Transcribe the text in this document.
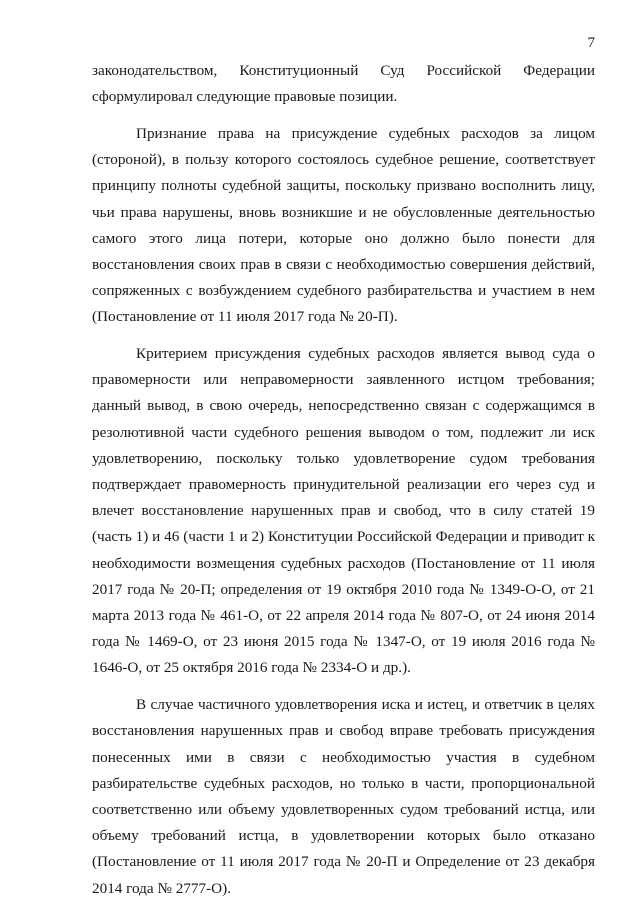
7

законодательством, Конституционный Суд Российской Федерации сформулировал следующие правовые позиции.

Признание права на присуждение судебных расходов за лицом (стороной), в пользу которого состоялось судебное решение, соответствует принципу полноты судебной защиты, поскольку призвано восполнить лицу, чьи права нарушены, вновь возникшие и не обусловленные деятельностью самого этого лица потери, которые оно должно было понести для восстановления своих прав в связи с необходимостью совершения действий, сопряженных с возбуждением судебного разбирательства и участием в нем (Постановление от 11 июля 2017 года № 20-П).

Критерием присуждения судебных расходов является вывод суда о правомерности или неправомерности заявленного истцом требования; данный вывод, в свою очередь, непосредственно связан с содержащимся в резолютивной части судебного решения выводом о том, подлежит ли иск удовлетворению, поскольку только удовлетворение судом требования подтверждает правомерность принудительной реализации его через суд и влечет восстановление нарушенных прав и свобод, что в силу статей 19 (часть 1) и 46 (части 1 и 2) Конституции Российской Федерации и приводит к необходимости возмещения судебных расходов (Постановление от 11 июля 2017 года № 20-П; определения от 19 октября 2010 года № 1349-О-О, от 21 марта 2013 года № 461-О, от 22 апреля 2014 года № 807-О, от 24 июня 2014 года № 1469-О, от 23 июня 2015 года № 1347-О, от 19 июля 2016 года № 1646-О, от 25 октября 2016 года № 2334-О и др.).

В случае частичного удовлетворения иска и истец, и ответчик в целях восстановления нарушенных прав и свобод вправе требовать присуждения понесенных ими в связи с необходимостью участия в судебном разбирательстве судебных расходов, но только в части, пропорциональной соответственно или объему удовлетворенных судом требований истца, или объему требований истца, в удовлетворении которых было отказано (Постановление от 11 июля 2017 года № 20-П и Определение от 23 декабря 2014 года № 2777-О).
